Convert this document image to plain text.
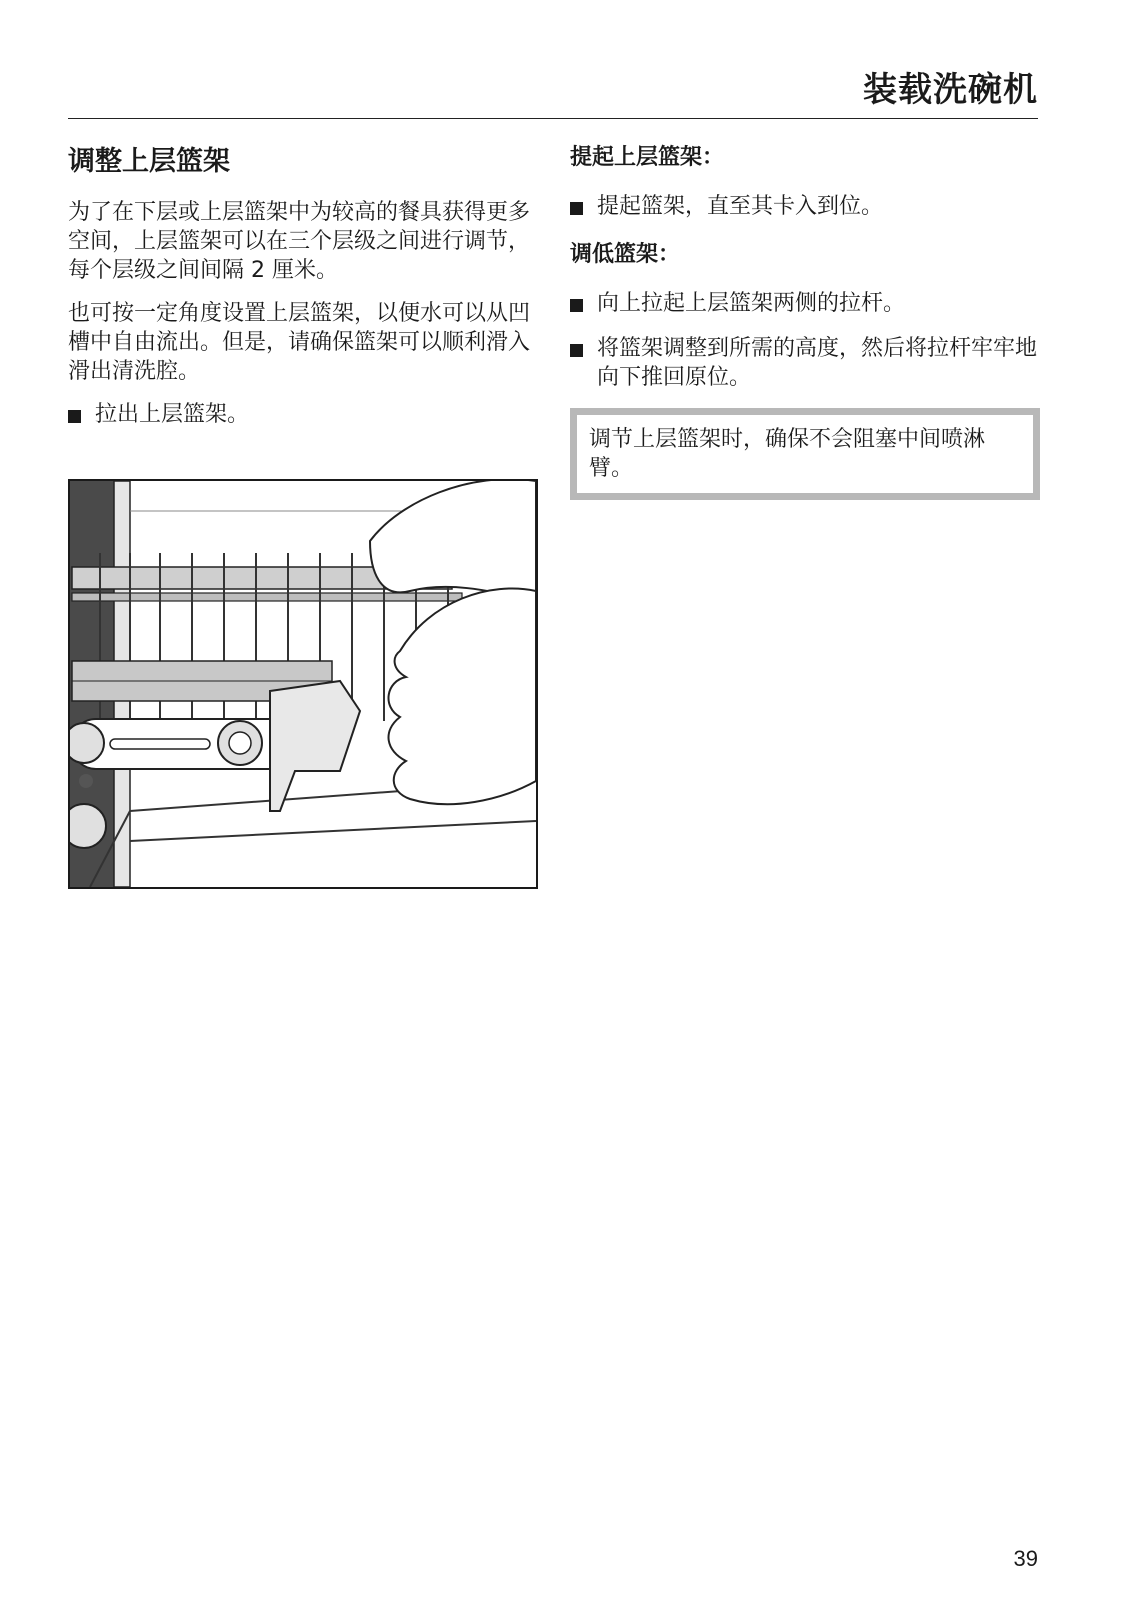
装载洗碗机
调整上层篮架

为了在下层或上层篮架中为较高的餐具获得更多空间，上层篮架可以在三个层级之间进行调节，每个层级之间间隔 2 厘米。

也可按一定角度设置上层篮架，以便水可以从凹槽中自由流出。但是，请确保篮架可以顺利滑入滑出清洗腔。

拉出上层篮架。
提起上层篮架：
提起篮架，直至其卡入到位。
调低篮架：
向上拉起上层篮架两侧的拉杆。
将篮架调整到所需的高度，然后将拉杆牢牢地向下推回原位。
调节上层篮架时，确保不会阻塞中间喷淋臂。
39
